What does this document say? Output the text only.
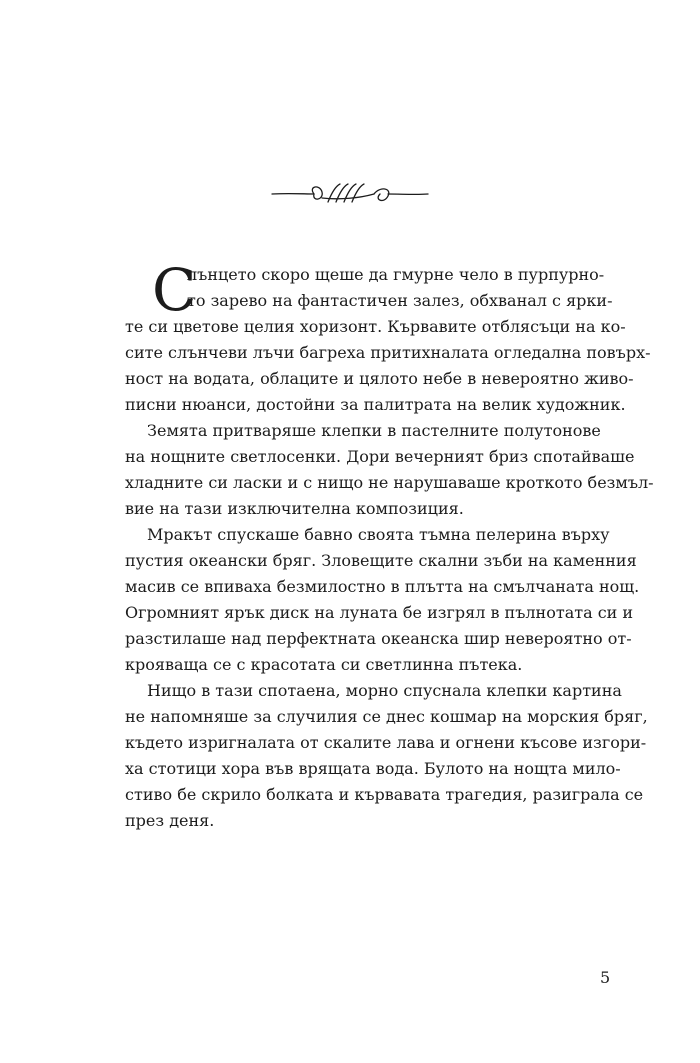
С
лънцето скоро щеше да гмурне чело в пурпурно-
то зарево на фантастичен залез, обхванал с ярки-
те си цветове целия хоризонт. Кървавите отблясъци на ко-
сите слънчеви лъчи багреха притихналата огледална повърх-
ност на водата, облаците и цялото небе в невероятно живо-
писни нюанси, достойни за палитрата на велик художник.
Земята притваряше клепки в пастелните полутонове
на нощните светлосенки. Дори вечерният бриз спотайваше
хладните си ласки и с нищо не нарушаваше кроткото безмъл-
вие на тази изключителна композиция.
Мракът спускаше бавно своята тъмна пелерина върху
пустия океански бряг. Зловещите скални зъби на каменния
масив се впиваха безмилостно в плътта на смълчаната нощ.
Огромният ярък диск на луната бе изгрял в пълнотата си и
разстилаше над перфектната океанска шир невероятно от-
крояваща се с красотата си светлинна пътека.
Нищо в тази спотаена, морно спуснала клепки картина
не напомняше за случилия се днес кошмар на морския бряг,
където изригналата от скалите лава и огнени късове изгори-
ха стотици хора във врящата вода. Булото на нощта мило-
стиво бе скрило болката и кървавата трагедия, разиграла се
през деня.
5
